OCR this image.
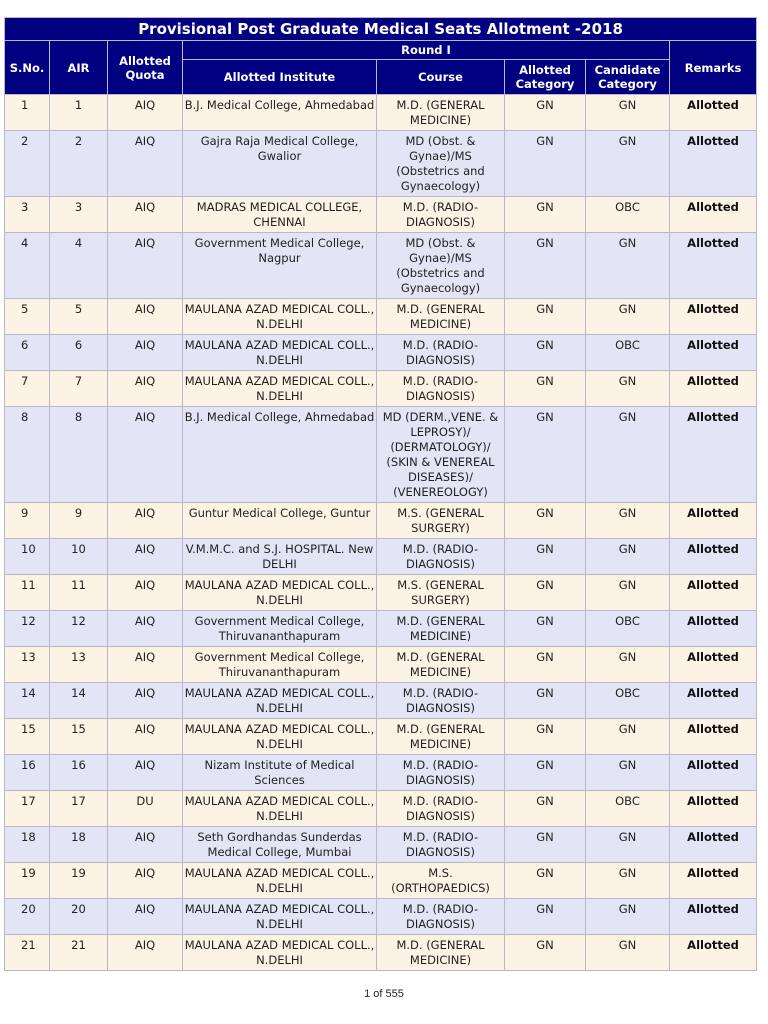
Provisional Post Graduate Medical Seats Allotment -2018							
S.No.	AIR	Allotted Quota	Round I				Remarks
			Allotted Institute	Course	Allotted Category	Candidate Category	
1	1	AIQ	B.J. Medical College, Ahmedabad	M.D. (GENERAL MEDICINE)	GN	GN	Allotted
2	2	AIQ	Gajra Raja Medical College, Gwalior	MD (Obst. & Gynae)/MS (Obstetrics and Gynaecology)	GN	GN	Allotted
3	3	AIQ	MADRAS MEDICAL COLLEGE, CHENNAI	M.D. (RADIO-DIAGNOSIS)	GN	OBC	Allotted
4	4	AIQ	Government Medical College, Nagpur	MD (Obst. & Gynae)/MS (Obstetrics and Gynaecology)	GN	GN	Allotted
5	5	AIQ	MAULANA AZAD MEDICAL COLL., N.DELHI	M.D. (GENERAL MEDICINE)	GN	GN	Allotted
6	6	AIQ	MAULANA AZAD MEDICAL COLL., N.DELHI	M.D. (RADIO-DIAGNOSIS)	GN	OBC	Allotted
7	7	AIQ	MAULANA AZAD MEDICAL COLL., N.DELHI	M.D. (RADIO-DIAGNOSIS)	GN	GN	Allotted
8	8	AIQ	B.J. Medical College, Ahmedabad	MD (DERM.,VENE. & LEPROSY)/ (DERMATOLOGY)/ (SKIN & VENEREAL DISEASES)/ (VENEREOLOGY)	GN	GN	Allotted
9	9	AIQ	Guntur Medical College, Guntur	M.S. (GENERAL SURGERY)	GN	GN	Allotted
10	10	AIQ	V.M.M.C. and S.J. HOSPITAL. New DELHI	M.D. (RADIO-DIAGNOSIS)	GN	GN	Allotted
11	11	AIQ	MAULANA AZAD MEDICAL COLL., N.DELHI	M.S. (GENERAL SURGERY)	GN	GN	Allotted
12	12	AIQ	Government Medical College, Thiruvananthapuram	M.D. (GENERAL MEDICINE)	GN	OBC	Allotted
13	13	AIQ	Government Medical College, Thiruvananthapuram	M.D. (GENERAL MEDICINE)	GN	GN	Allotted
14	14	AIQ	MAULANA AZAD MEDICAL COLL., N.DELHI	M.D. (RADIO-DIAGNOSIS)	GN	OBC	Allotted
15	15	AIQ	MAULANA AZAD MEDICAL COLL., N.DELHI	M.D. (GENERAL MEDICINE)	GN	GN	Allotted
16	16	AIQ	Nizam Institute of Medical Sciences	M.D. (RADIO-DIAGNOSIS)	GN	GN	Allotted
17	17	DU	MAULANA AZAD MEDICAL COLL., N.DELHI	M.D. (RADIO-DIAGNOSIS)	GN	OBC	Allotted
18	18	AIQ	Seth Gordhandas Sunderdas Medical College, Mumbai	M.D. (RADIO-DIAGNOSIS)	GN	GN	Allotted
19	19	AIQ	MAULANA AZAD MEDICAL COLL., N.DELHI	M.S. (ORTHOPAEDICS)	GN	GN	Allotted
20	20	AIQ	MAULANA AZAD MEDICAL COLL., N.DELHI	M.D. (RADIO-DIAGNOSIS)	GN	GN	Allotted
21	21	AIQ	MAULANA AZAD MEDICAL COLL., N.DELHI	M.D. (GENERAL MEDICINE)	GN	GN	Allotted
1 of 555
